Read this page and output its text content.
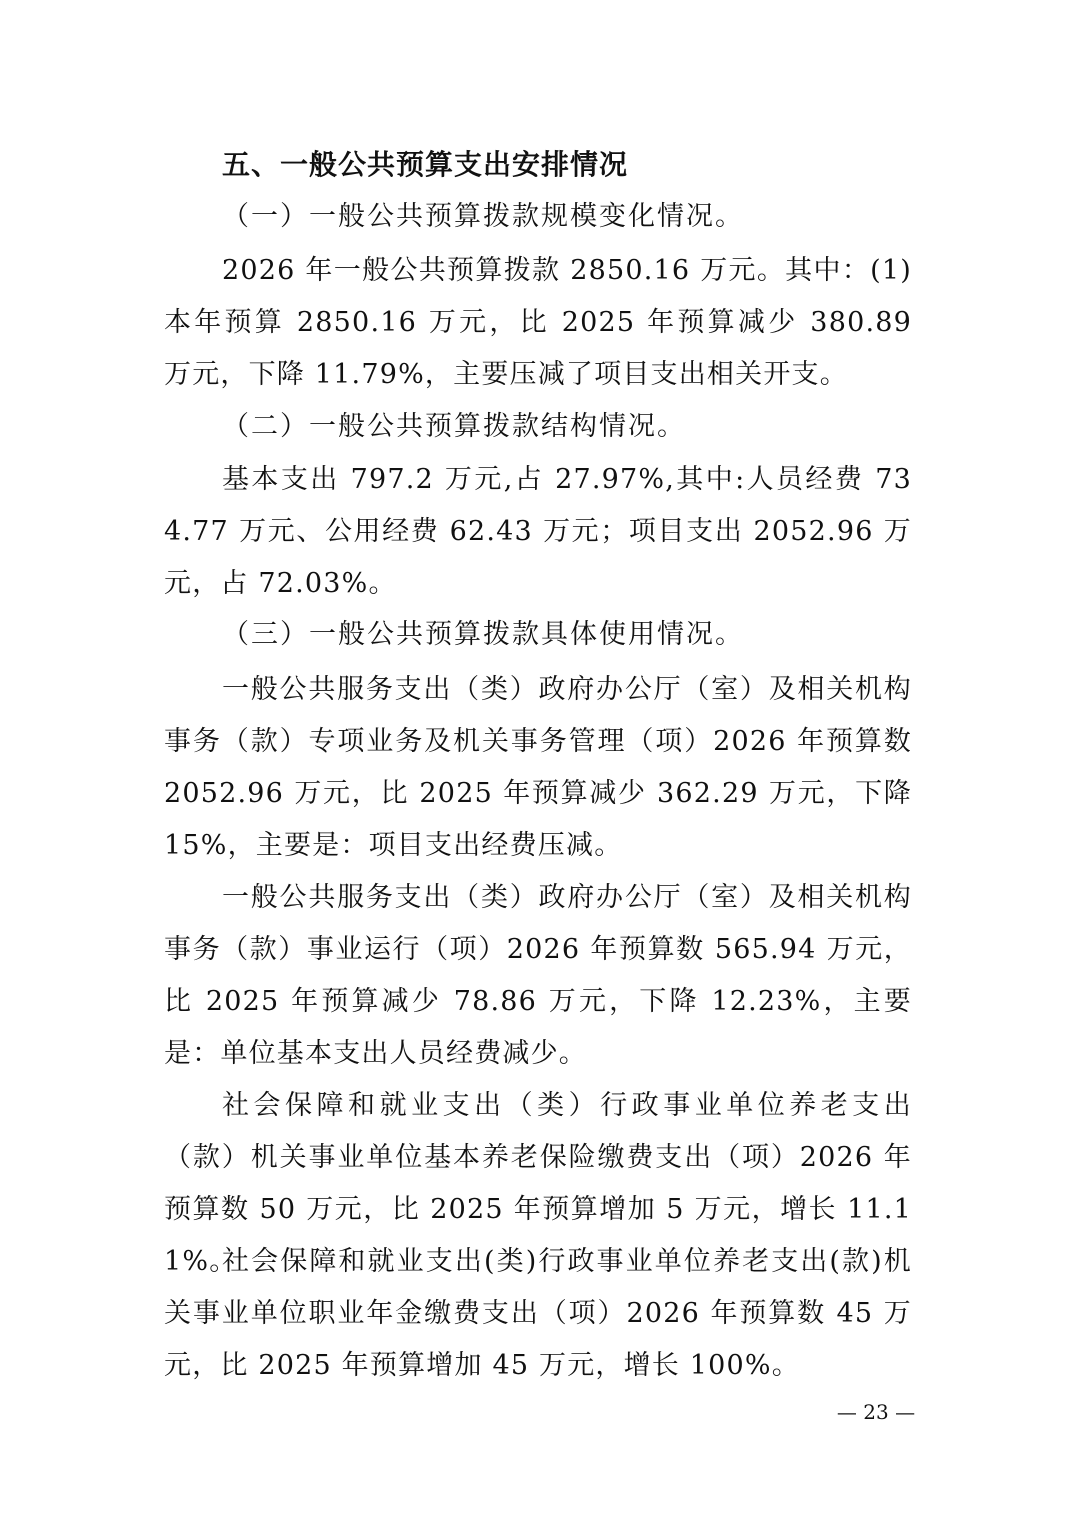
五、一般公共预算支出安排情况
（一）一般公共预算拨款规模变化情况。
2026 年一般公共预算拨款 2850.16 万元。其中：(1)本年预算 2850.16 万元，比 2025 年预算减少 380.89 万元，下降 11.79%，主要压减了项目支出相关开支。
（二）一般公共预算拨款结构情况。
基本支出 797.2 万元,占 27.97%,其中:人员经费 734.77 万元、公用经费 62.43 万元；项目支出 2052.96 万元，占 72.03%。
（三）一般公共预算拨款具体使用情况。
一般公共服务支出（类）政府办公厅（室）及相关机构事务（款）专项业务及机关事务管理（项）2026 年预算数 2052.96 万元，比 2025 年预算减少 362.29 万元，下降 15%，主要是：项目支出经费压减。
一般公共服务支出（类）政府办公厅（室）及相关机构事务（款）事业运行（项）2026 年预算数 565.94 万元，比 2025 年预算减少 78.86 万元，下降 12.23%，主要是：单位基本支出人员经费减少。
社会保障和就业支出（类）行政事业单位养老支出（款）机关事业单位基本养老保险缴费支出（项）2026 年预算数 50 万元，比 2025 年预算增加 5 万元，增长 11.11%。
社会保障和就业支出(类)行政事业单位养老支出(款)机关事业单位职业年金缴费支出（项）2026 年预算数 45 万元，比 2025 年预算增加 45 万元，增长 100%。
— 23 —
